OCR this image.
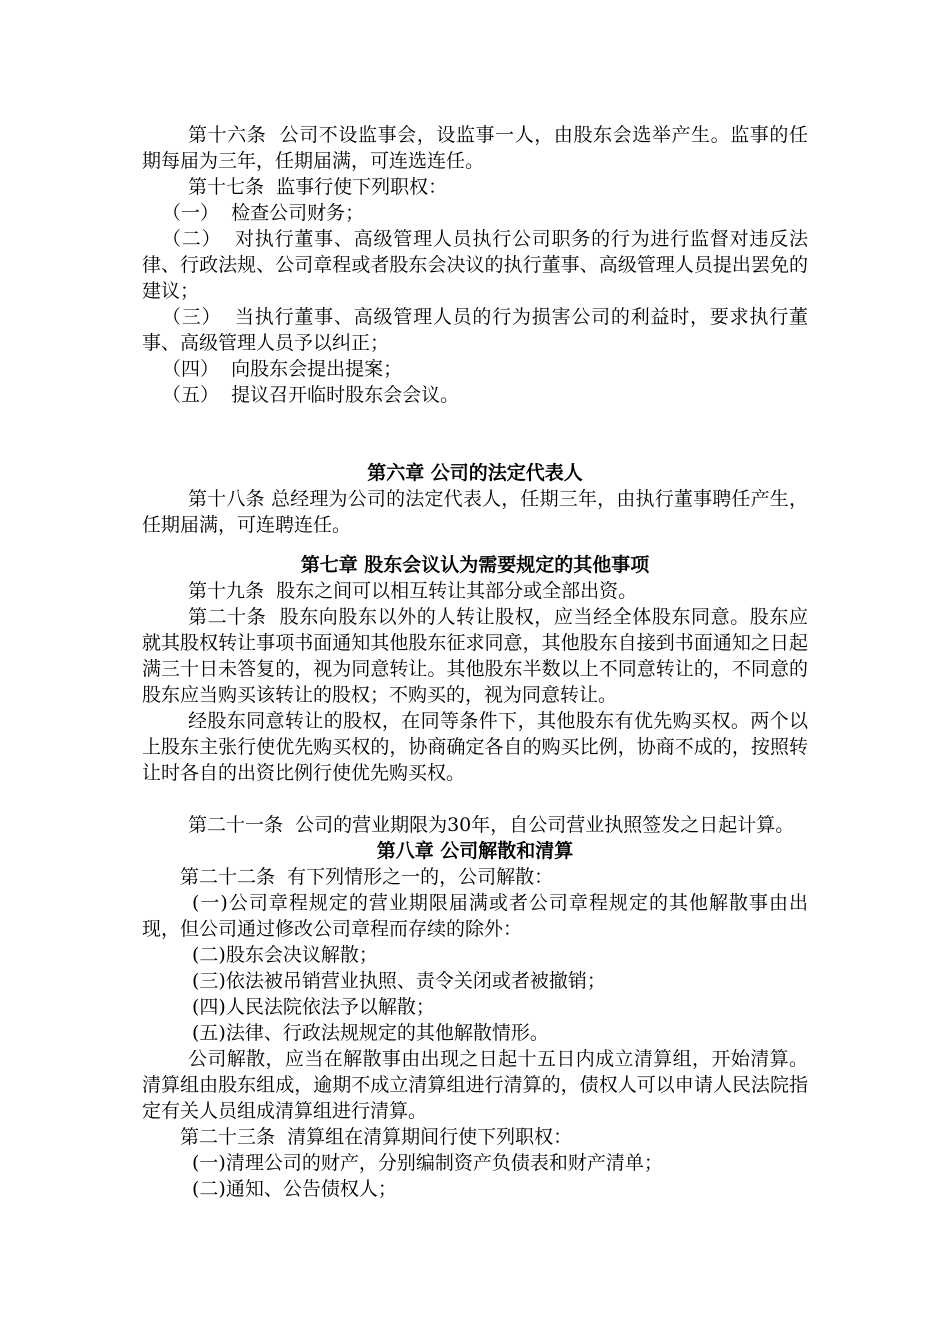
第十六条  公司不设监事会，设监事一人，由股东会选举产生。监事的任期每届为三年，任期届满，可连选连任。

第十七条  监事行使下列职权：

（一）  检查公司财务；

（二）  对执行董事、高级管理人员执行公司职务的行为进行监督对违反法律、行政法规、公司章程或者股东会决议的执行董事、高级管理人员提出罢免的建议；

（三）  当执行董事、高级管理人员的行为损害公司的利益时，要求执行董事、高级管理人员予以纠正；

（四）  向股东会提出提案；

（五）  提议召开临时股东会会议。

第六章 公司的法定代表人

第十八条 总经理为公司的法定代表人，任期三年，由执行董事聘任产生，任期届满，可连聘连任。

第七章 股东会议认为需要规定的其他事项

第十九条  股东之间可以相互转让其部分或全部出资。

第二十条  股东向股东以外的人转让股权，应当经全体股东同意。股东应就其股权转让事项书面通知其他股东征求同意，其他股东自接到书面通知之日起满三十日未答复的，视为同意转让。其他股东半数以上不同意转让的，不同意的股东应当购买该转让的股权；不购买的，视为同意转让。

经股东同意转让的股权，在同等条件下，其他股东有优先购买权。两个以上股东主张行使优先购买权的，协商确定各自的购买比例，协商不成的，按照转让时各自的出资比例行使优先购买权。

第二十一条  公司的营业期限为30年，自公司营业执照签发之日起计算。

第八章 公司解散和清算

第二十二条  有下列情形之一的，公司解散：

(一)公司章程规定的营业期限届满或者公司章程规定的其他解散事由出现，但公司通过修改公司章程而存续的除外：

(二)股东会决议解散；

(三)依法被吊销营业执照、责令关闭或者被撤销；

(四)人民法院依法予以解散；

(五)法律、行政法规规定的其他解散情形。

公司解散，应当在解散事由出现之日起十五日内成立清算组，开始清算。清算组由股东组成，逾期不成立清算组进行清算的，债权人可以申请人民法院指定有关人员组成清算组进行清算。

第二十三条  清算组在清算期间行使下列职权：

(一)清理公司的财产，分别编制资产负债表和财产清单；

(二)通知、公告债权人；
